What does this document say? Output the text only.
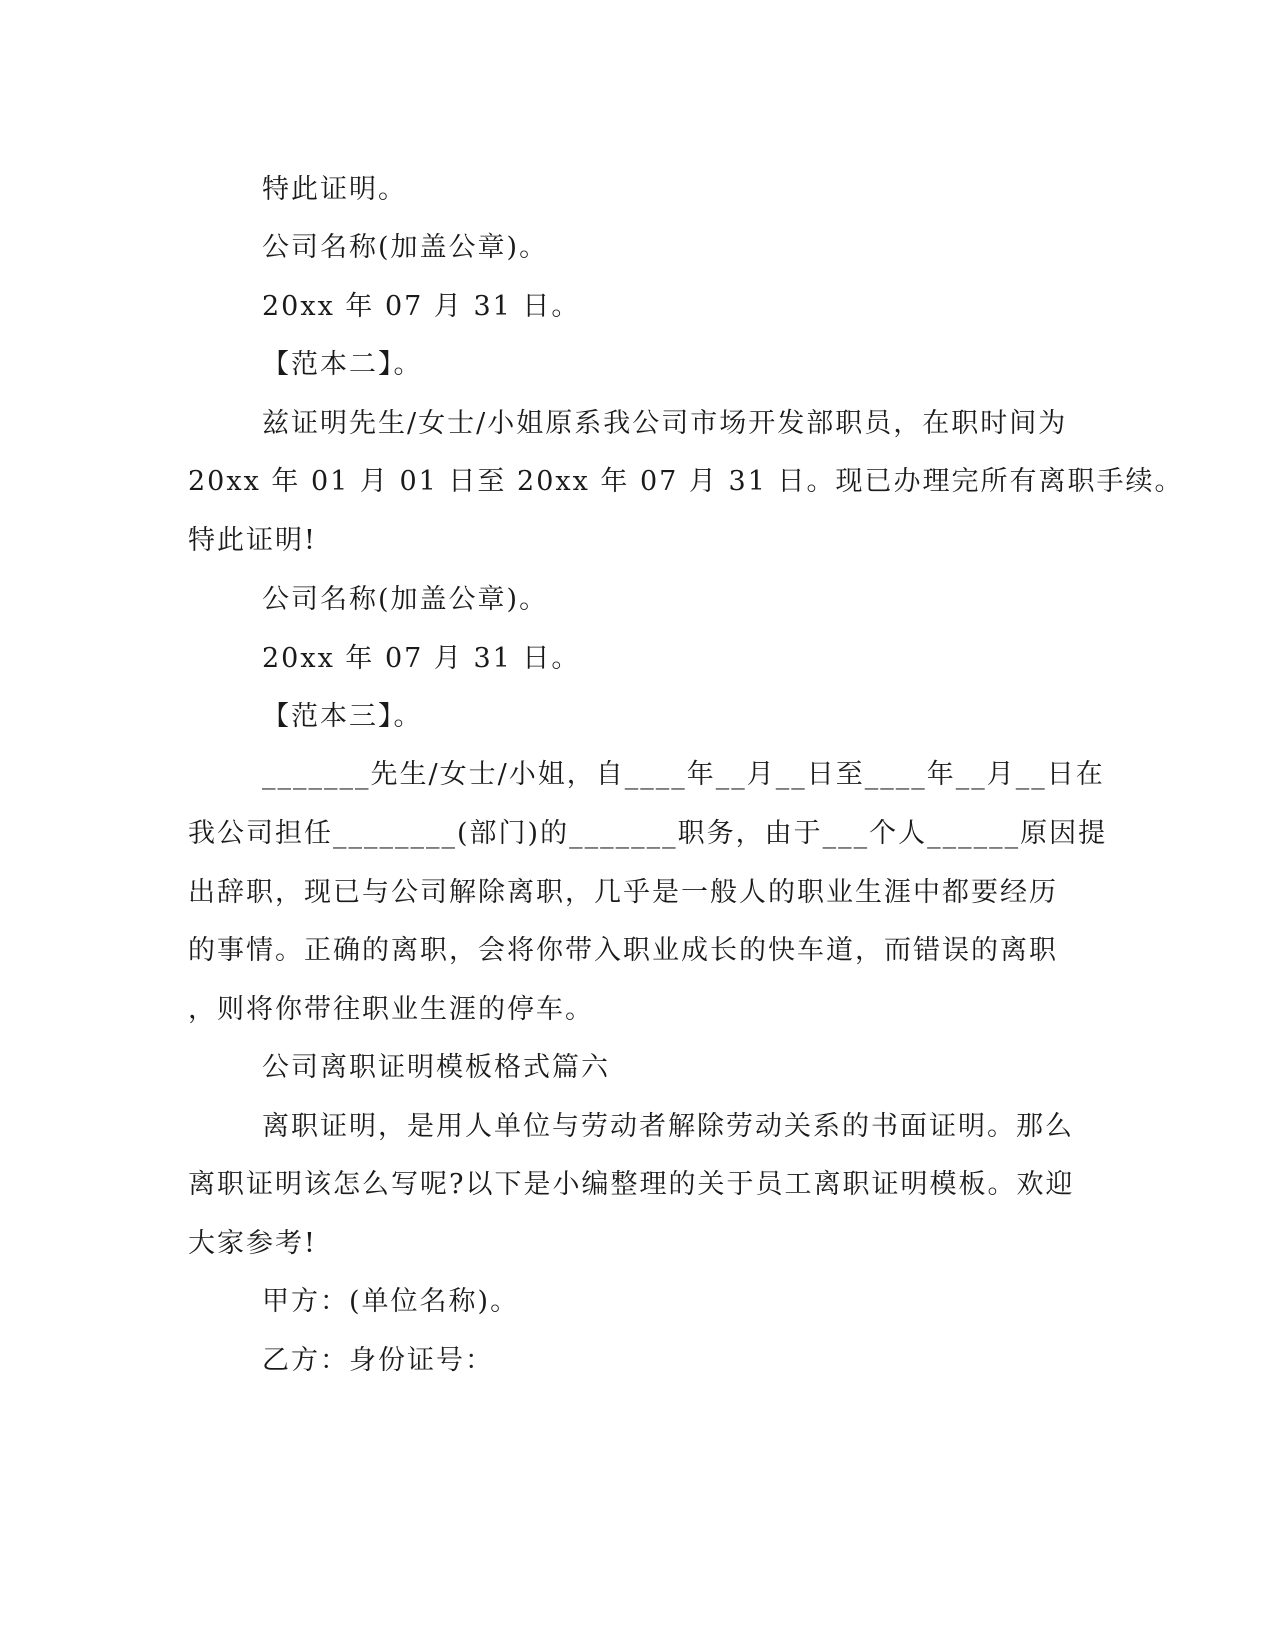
特此证明。
公司名称(加盖公章)。
20xx 年 07 月 31 日。
【范本二】。
兹证明先生/女士/小姐原系我公司市场开发部职员，在职时间为
20xx 年 01 月 01 日至 20xx 年 07 月 31 日。现已办理完所有离职手续。
特此证明!
公司名称(加盖公章)。
20xx 年 07 月 31 日。
【范本三】。
_______先生/女士/小姐，自____年__月__日至____年__月__日在
我公司担任________(部门)的_______职务，由于___个人______原因提
出辞职，现已与公司解除离职，几乎是一般人的职业生涯中都要经历
的事情。正确的离职，会将你带入职业成长的快车道，而错误的离职
，则将你带往职业生涯的停车。
公司离职证明模板格式篇六
离职证明，是用人单位与劳动者解除劳动关系的书面证明。那么
离职证明该怎么写呢?以下是小编整理的关于员工离职证明模板。欢迎
大家参考!
甲方：(单位名称)。
乙方：身份证号：
